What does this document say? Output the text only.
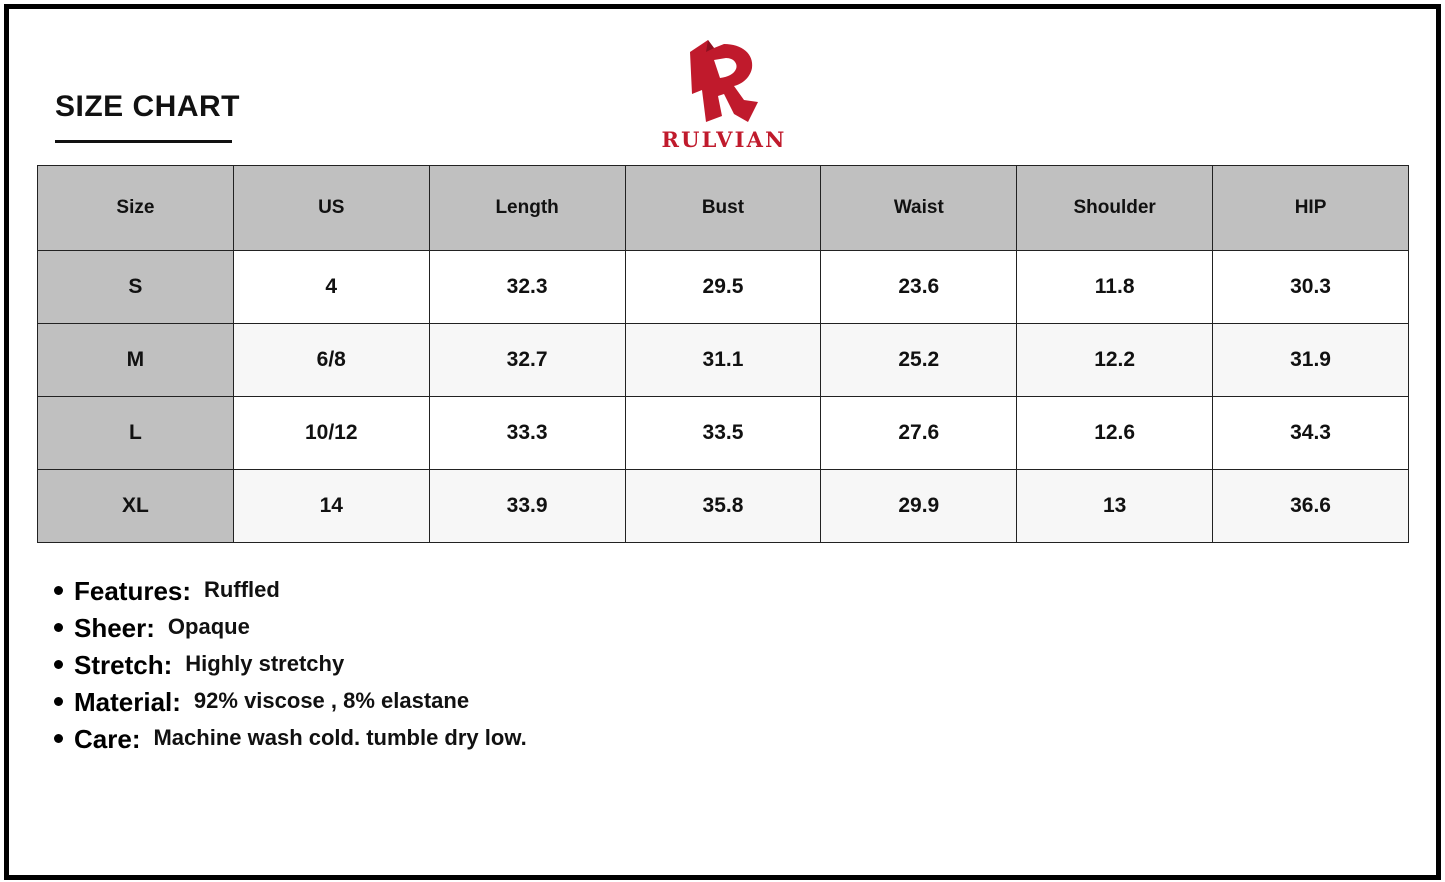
SIZE CHART
RULVIAN
Size	US	Length	Bust	Waist	Shoulder	HIP
S	4	32.3	29.5	23.6	11.8	30.3
M	6/8	32.7	31.1	25.2	12.2	31.9
L	10/12	33.3	33.5	27.6	12.6	34.3
XL	14	33.9	35.8	29.9	13	36.6
Features: Ruffled
Sheer: Opaque
Stretch: Highly stretchy
Material: 92% viscose , 8% elastane
Care: Machine wash cold. tumble dry low.
